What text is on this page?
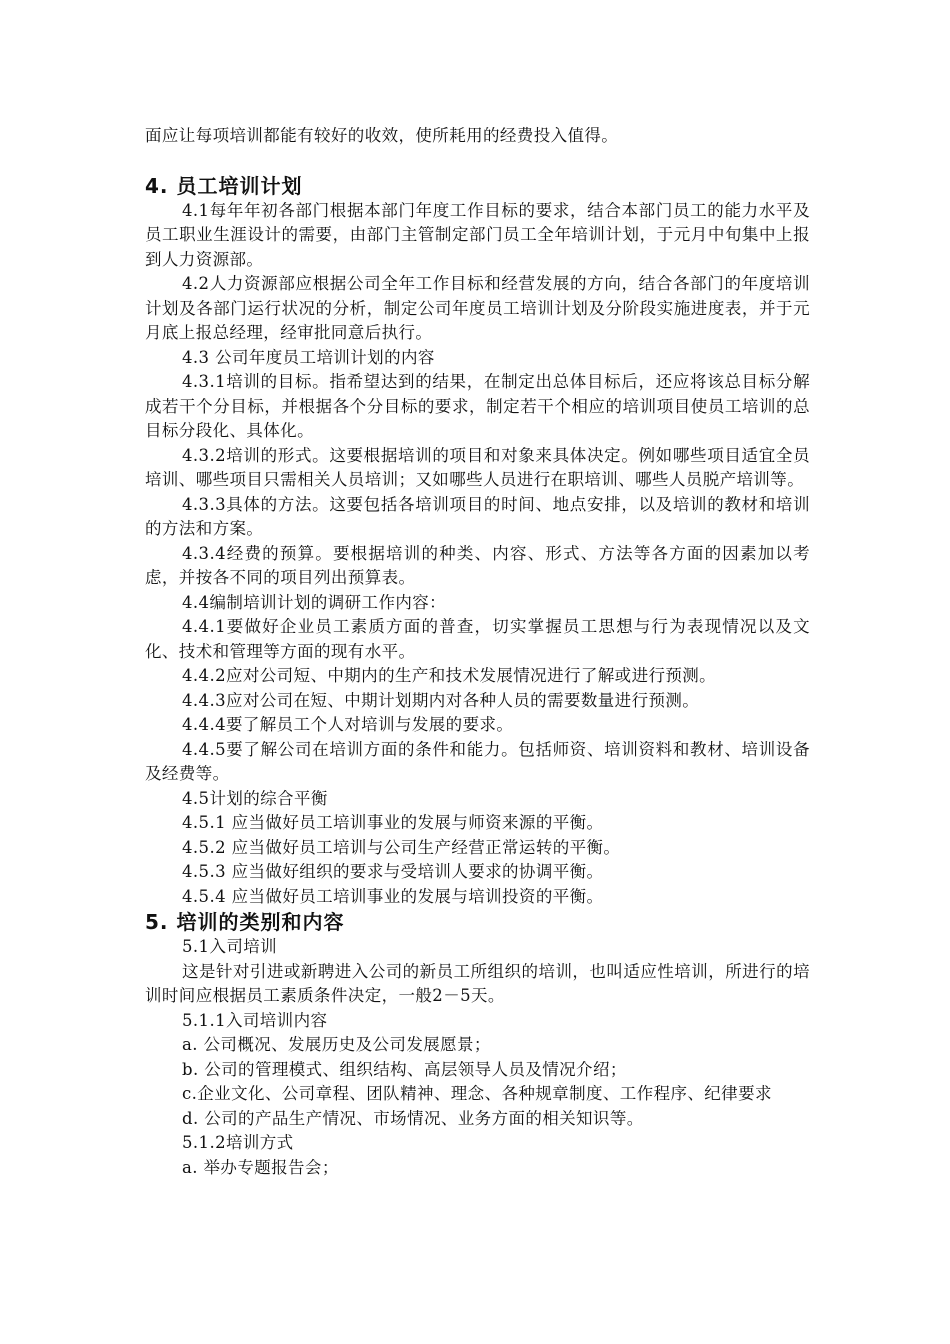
面应让每项培训都能有较好的收效，使所耗用的经费投入值得。

4. 员工培训计划

4.1每年年初各部门根据本部门年度工作目标的要求，结合本部门员工的能力水平及员工职业生涯设计的需要，由部门主管制定部门员工全年培训计划，于元月中旬集中上报到人力资源部。

4.2人力资源部应根据公司全年工作目标和经营发展的方向，结合各部门的年度培训计划及各部门运行状况的分析，制定公司年度员工培训计划及分阶段实施进度表，并于元月底上报总经理，经审批同意后执行。

4.3 公司年度员工培训计划的内容

4.3.1培训的目标。指希望达到的结果，在制定出总体目标后，还应将该总目标分解成若干个分目标，并根据各个分目标的要求，制定若干个相应的培训项目使员工培训的总目标分段化、具体化。

4.3.2培训的形式。这要根据培训的项目和对象来具体决定。例如哪些项目适宜全员培训、哪些项目只需相关人员培训；又如哪些人员进行在职培训、哪些人员脱产培训等。

4.3.3具体的方法。这要包括各培训项目的时间、地点安排，以及培训的教材和培训的方法和方案。

4.3.4经费的预算。要根据培训的种类、内容、形式、方法等各方面的因素加以考虑，并按各不同的项目列出预算表。

4.4编制培训计划的调研工作内容：

4.4.1要做好企业员工素质方面的普查，切实掌握员工思想与行为表现情况以及文化、技术和管理等方面的现有水平。

4.4.2应对公司短、中期内的生产和技术发展情况进行了解或进行预测。

4.4.3应对公司在短、中期计划期内对各种人员的需要数量进行预测。

4.4.4要了解员工个人对培训与发展的要求。

4.4.5要了解公司在培训方面的条件和能力。包括师资、培训资料和教材、培训设备及经费等。

4.5计划的综合平衡

4.5.1 应当做好员工培训事业的发展与师资来源的平衡。

4.5.2 应当做好员工培训与公司生产经营正常运转的平衡。

4.5.3 应当做好组织的要求与受培训人要求的协调平衡。

4.5.4 应当做好员工培训事业的发展与培训投资的平衡。

5. 培训的类别和内容

5.1入司培训

这是针对引进或新聘进入公司的新员工所组织的培训，也叫适应性培训，所进行的培训时间应根据员工素质条件决定，一般2－5天。

5.1.1入司培训内容

a. 公司概况、发展历史及公司发展愿景；

b. 公司的管理模式、组织结构、高层领导人员及情况介绍；

c.企业文化、公司章程、团队精神、理念、各种规章制度、工作程序、纪律要求

d. 公司的产品生产情况、市场情况、业务方面的相关知识等。

5.1.2培训方式

a. 举办专题报告会；
